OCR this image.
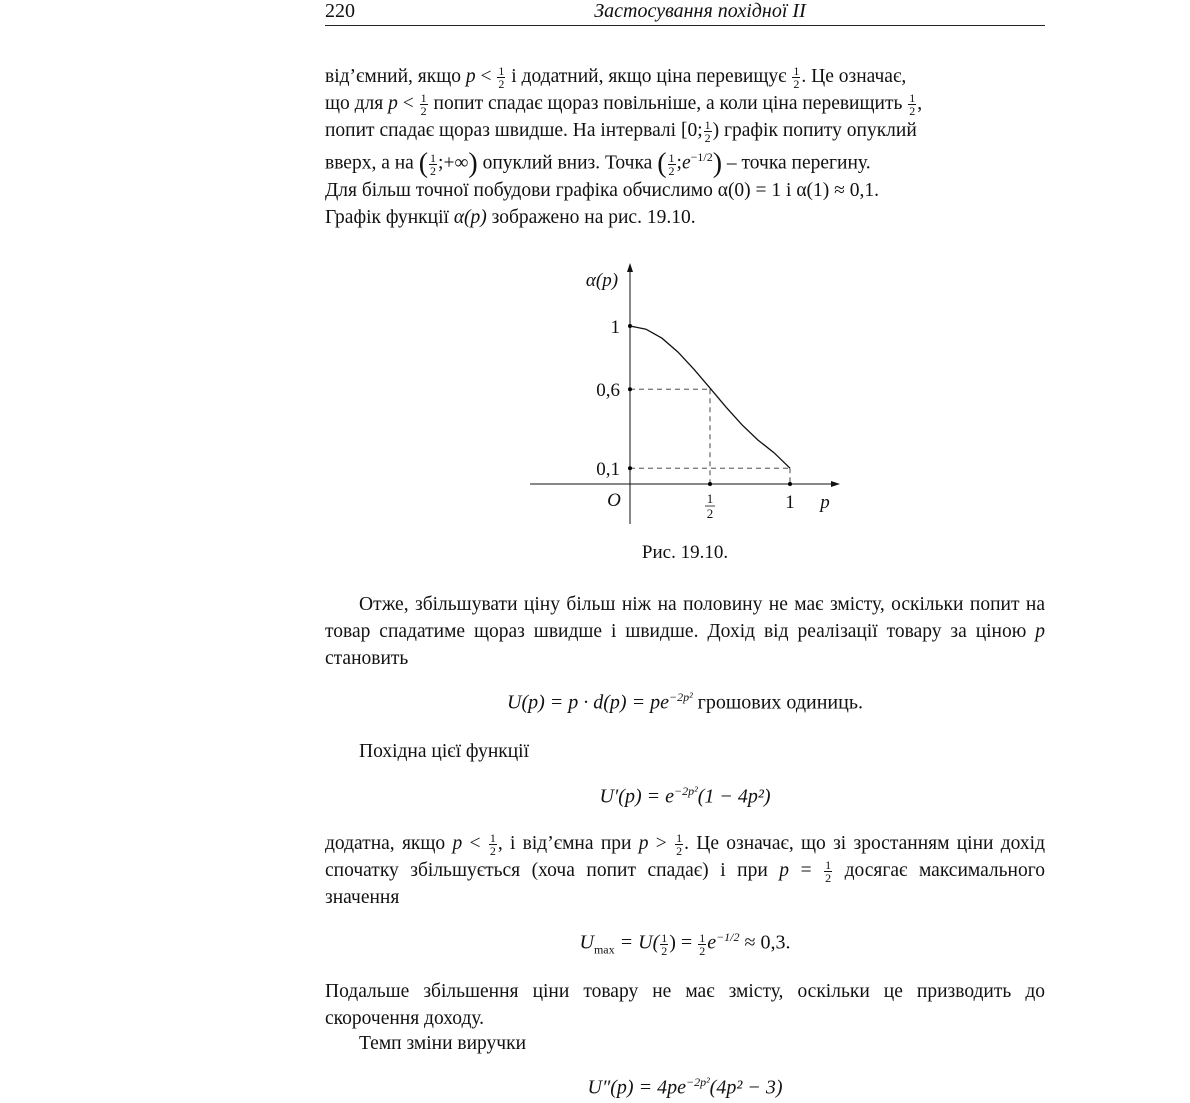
220	Застосування похідної II
від’ємний, якщо $p < \frac{1}{2}$ і додатний, якщо ціна перевищує $\frac{1}{2}$ . Це означає,
що для $p < \frac{1}{2}$ попит спадає щораз повільніше, а коли ціна перевищить $\frac{1}{2}$ ,
попит спадає щораз швидше. На інтервалі [0; $\frac{1}{2}$ ) графік попиту опуклий
вверх, а на ( $\frac{1}{2}$ ;+∞) опуклий вниз. Точка ( $\frac{1}{2}$ $;e^{-1/2}$) – точка перегину.
Для більш точної побудови графіка обчислимо α(0) = 1 і α(1) ≈ 0,1.
Графік функції α(p) зображено на рис. 19.10.
α(p)
1
0,6
0,1
O	1 p
1
2
Рис. 19.10.
Отже, збільшувати ціну більш ніж на половину не має змісту, оскільки попит на товар спадатиме щораз швидше і швидше. Дохід від реалізації товару за ціною p становить
$U(p) = p \cdot d(p) = pe^{-2p^2}$ грошових одиниць.
Похідна цієї функції
$U'(p) = e^{-2p^2}(1 - 4p^2)$
додатна, якщо $p < \frac{1}{2}$ , і від’ємна при $p > \frac{1}{2}$ . Це означає, що зі зростанням ціни дохід спочатку збільшується (хоча попит спадає) і при $p = \frac{1}{2}$ досягає максимального значення
$U_{max} = U( \frac{1}{2}$ ) = $\frac{1}{2} e^{-1/2} \approx 0,3$.
Подальше збільшення ціни товару не має змісту, оскільки це призводить до скорочення доходу.
Темп зміни виручки
$U''(p) = 4pe^{-2p^2}(4p^2 - 3)$
